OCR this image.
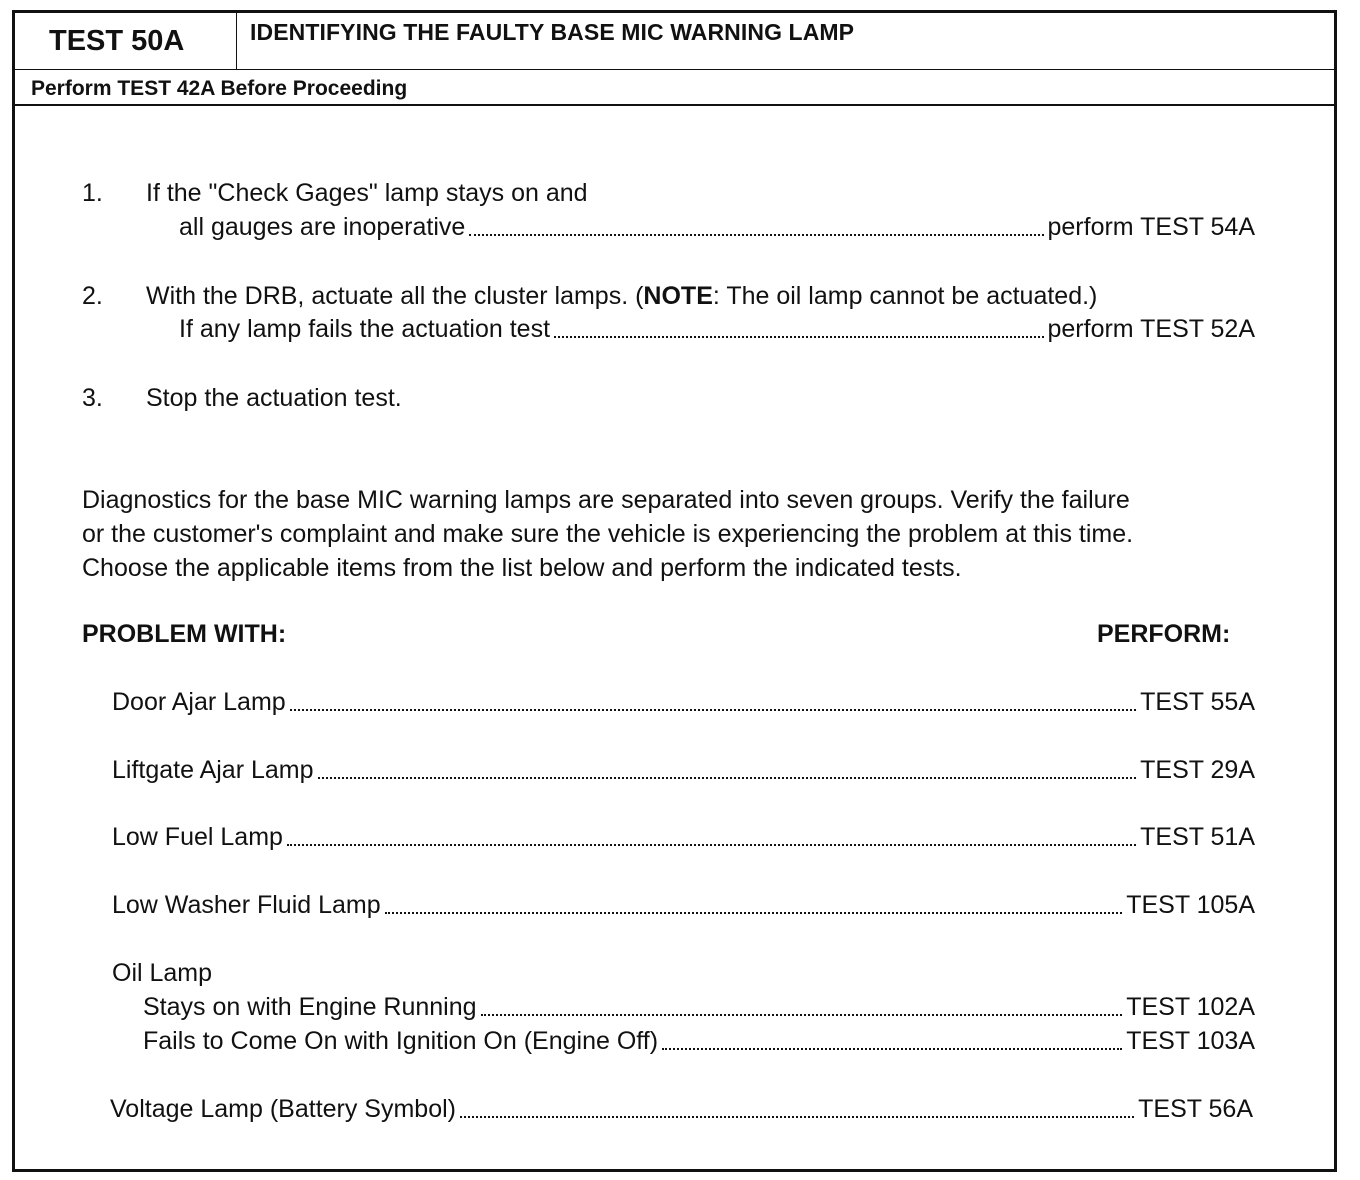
TEST 50A	IDENTIFYING THE FAULTY BASE MIC WARNING LAMP
Perform TEST 42A Before Proceeding
1. If the "Check Gages" lamp stays on and
all gauges are inoperative	perform TEST 54A
2. With the DRB, actuate all the cluster lamps. (NOTE: The oil lamp cannot be actuated.)
If any lamp fails the actuation test	perform TEST 52A
3. Stop the actuation test.
Diagnostics for the base MIC warning lamps are separated into seven groups. Verify the failure
or the customer's complaint and make sure the vehicle is experiencing the problem at this time.
Choose the applicable items from the list below and perform the indicated tests.
PROBLEM WITH:	PERFORM:
Door Ajar Lamp	TEST 55A
Liftgate Ajar Lamp	TEST 29A
Low Fuel Lamp	TEST 51A
Low Washer Fluid Lamp	TEST 105A
Oil Lamp
Stays on with Engine Running	TEST 102A
Fails to Come On with Ignition On (Engine Off)	TEST 103A
Voltage Lamp (Battery Symbol)	TEST 56A
